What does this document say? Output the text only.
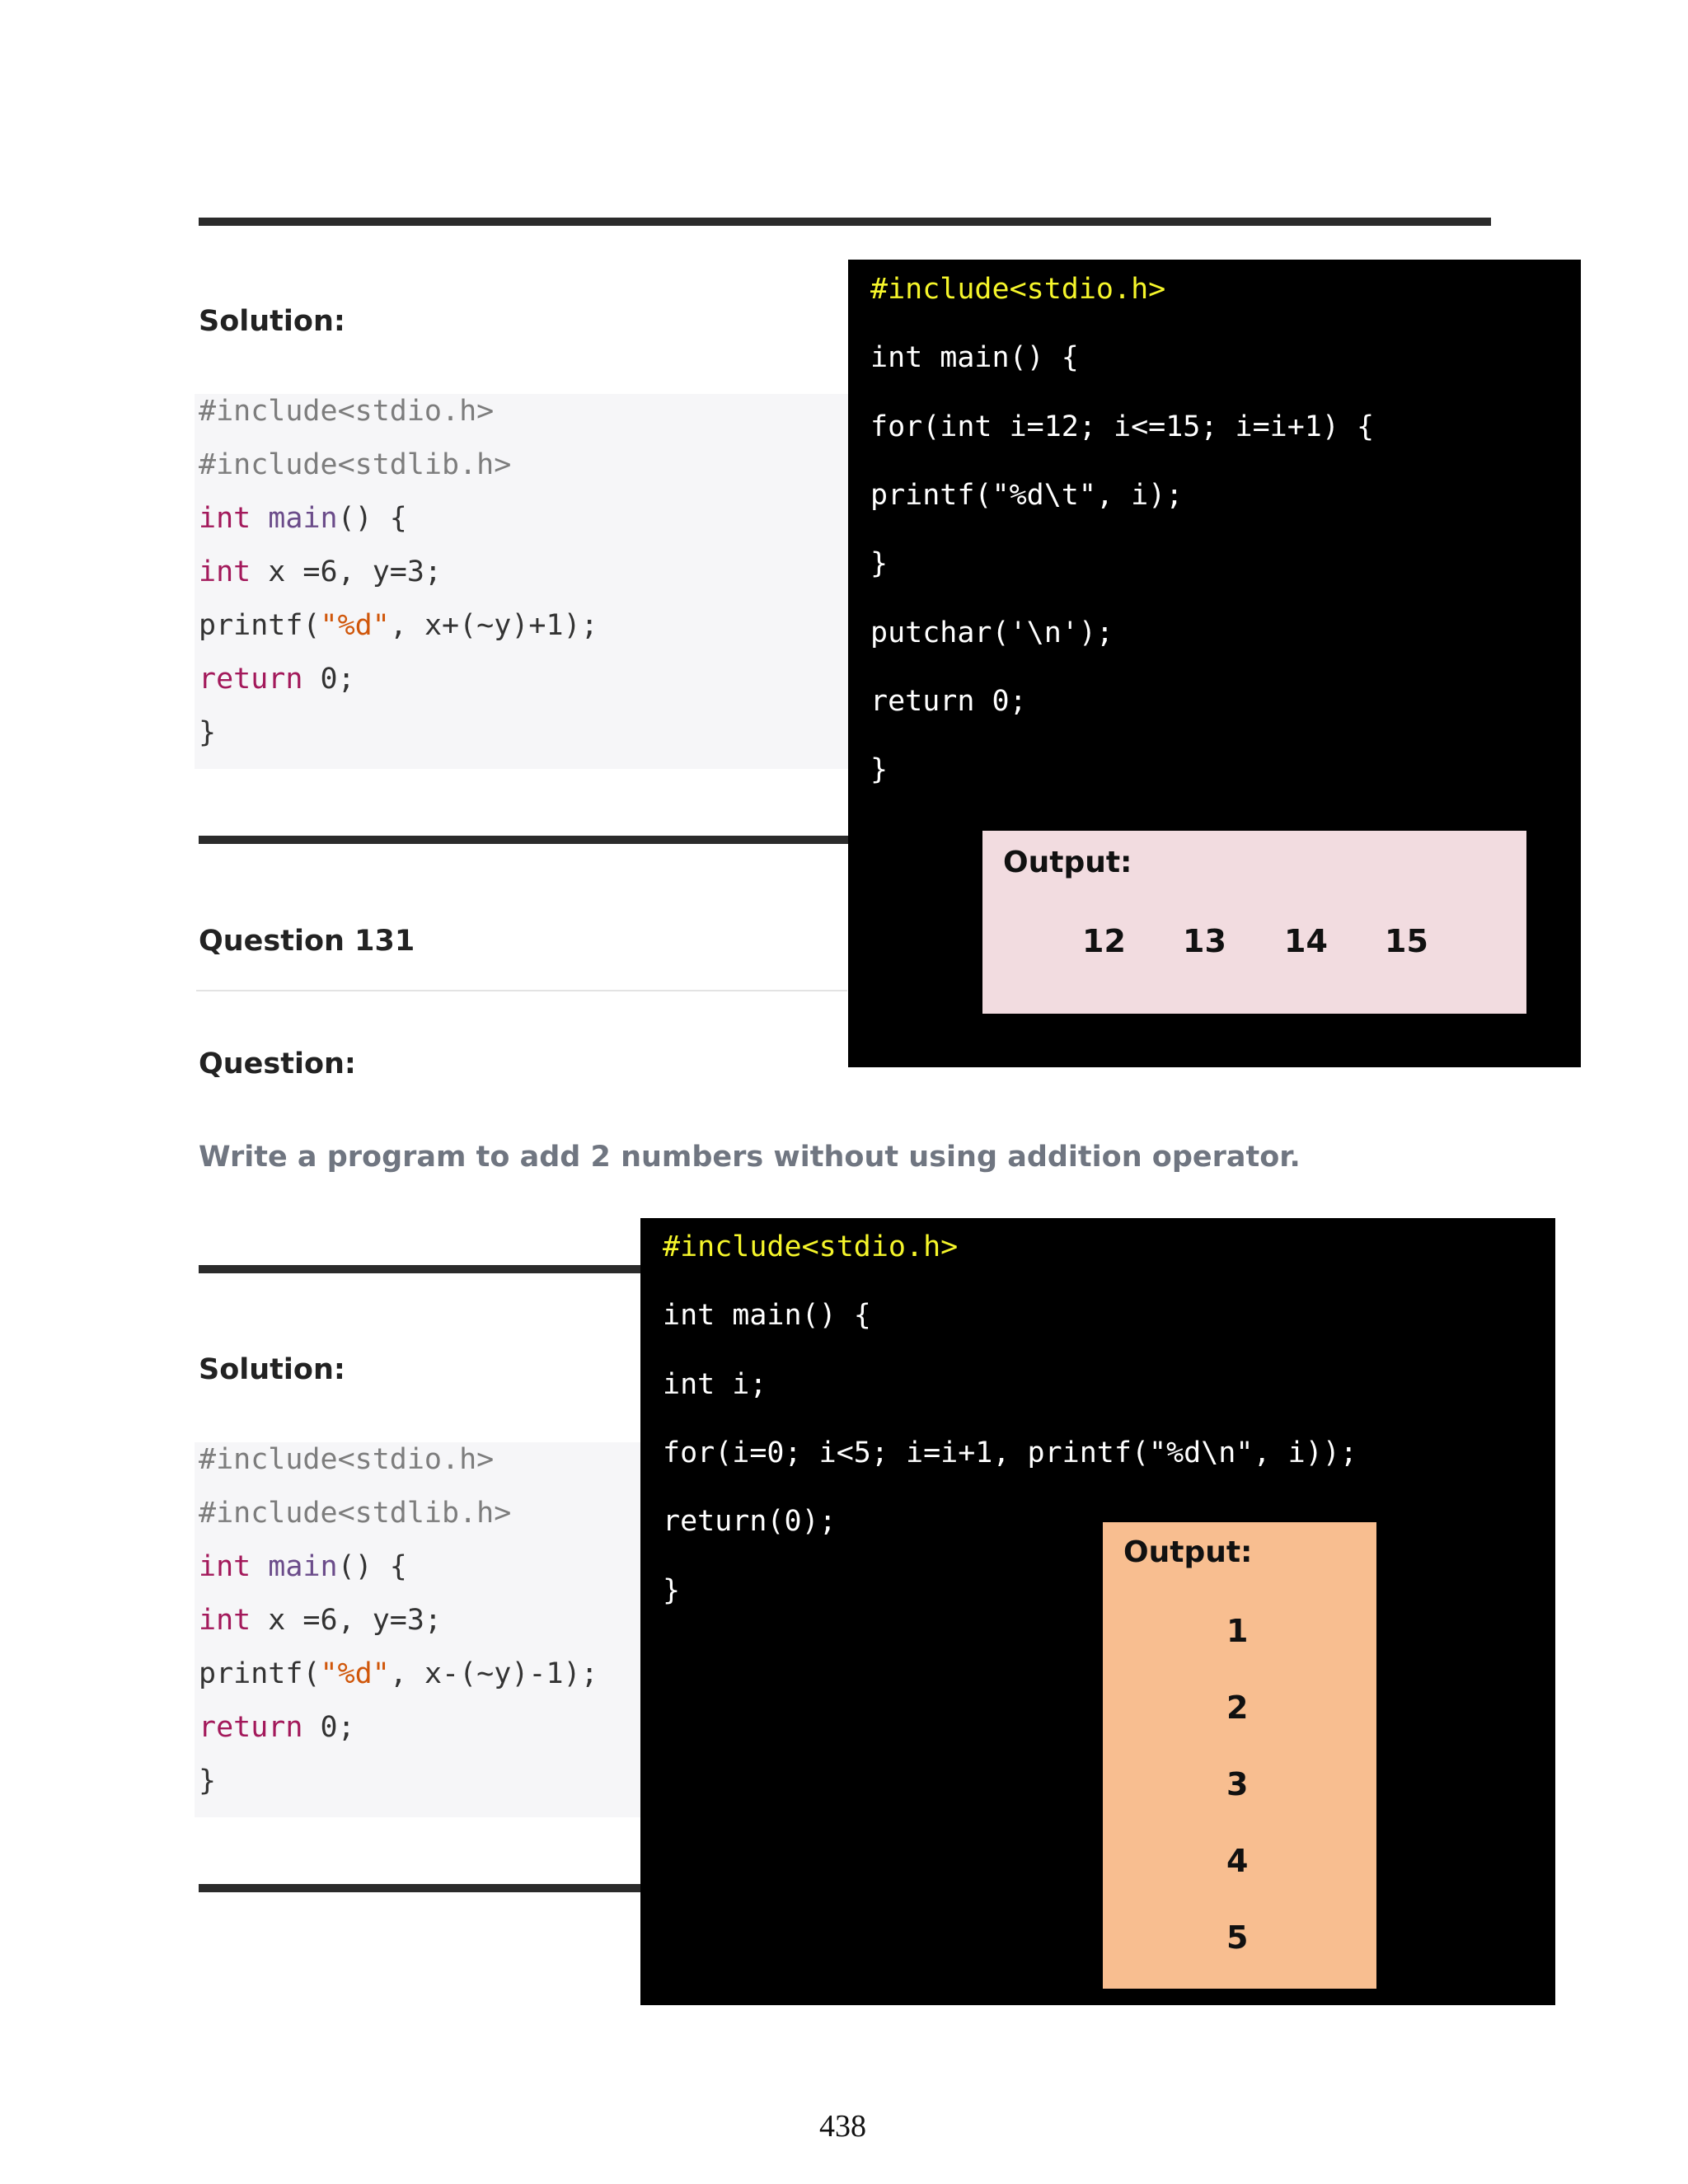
Solution:
#include<stdio.h>
#include<stdlib.h>
int main() {
int x =6, y=3;
printf("%d", x+(~y)+1);
return 0;
}
#include<stdio.h>
int main() {
for(int i=12; i<=15; i=i+1) {
printf("%d\t", i);
}
putchar('\n');
return 0;
}
Output:
12 13 14 15
Question 131
Question:
Write a program to add 2 numbers without using addition operator.
Solution:
#include<stdio.h>
#include<stdlib.h>
int main() {
int x =6, y=3;
printf("%d", x-(~y)-1);
return 0;
}
#include<stdio.h>
int main() {
int i;
for(i=0; i<5; i=i+1, printf("%d\n", i));
return(0);
}
Output:
1
2
3
4
5
438
